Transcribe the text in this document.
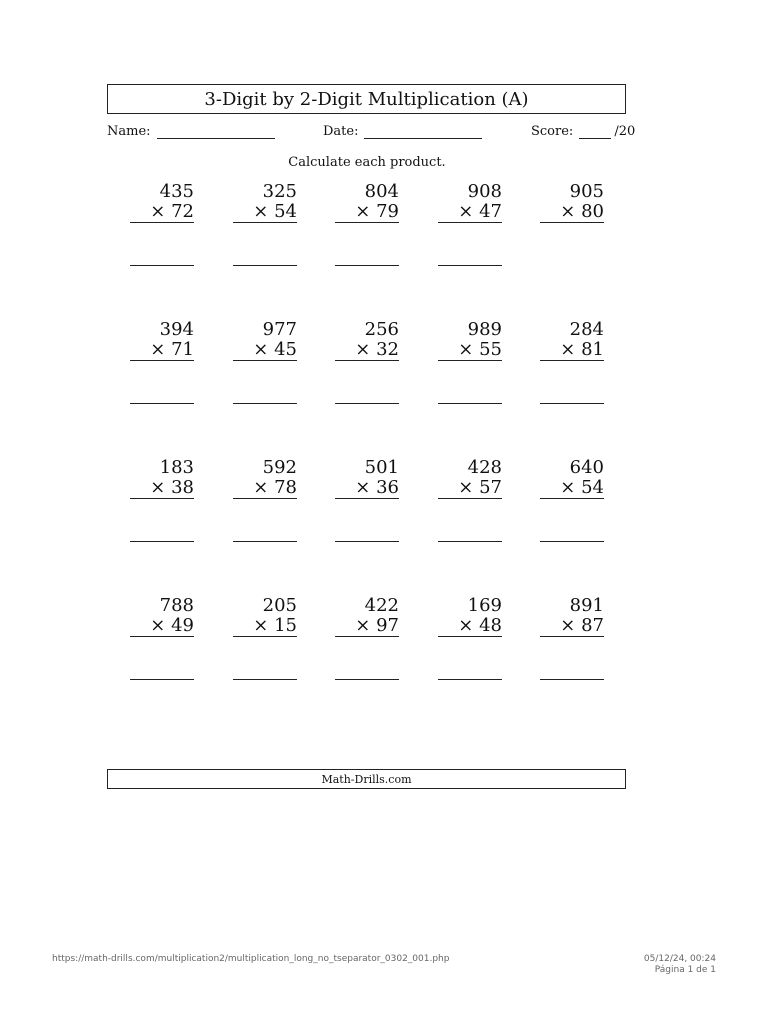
3-Digit by 2-Digit Multiplication (A)
Name:	Date:	Score:	/20
Calculate each product.
435
× 72
325
× 54
804
× 79
908
× 47
905
× 80
394
× 71
977
× 45
256
× 32
989
× 55
284
× 81
183
× 38
592
× 78
501
× 36
428
× 57
640
× 54
788
× 49
205
× 15
422
× 97
169
× 48
891
× 87
Math-Drills.com
https://math-drills.com/multiplication2/multiplication_long_no_tseparator_0302_001.php	05/12/24, 00:24
Página 1 de 1
